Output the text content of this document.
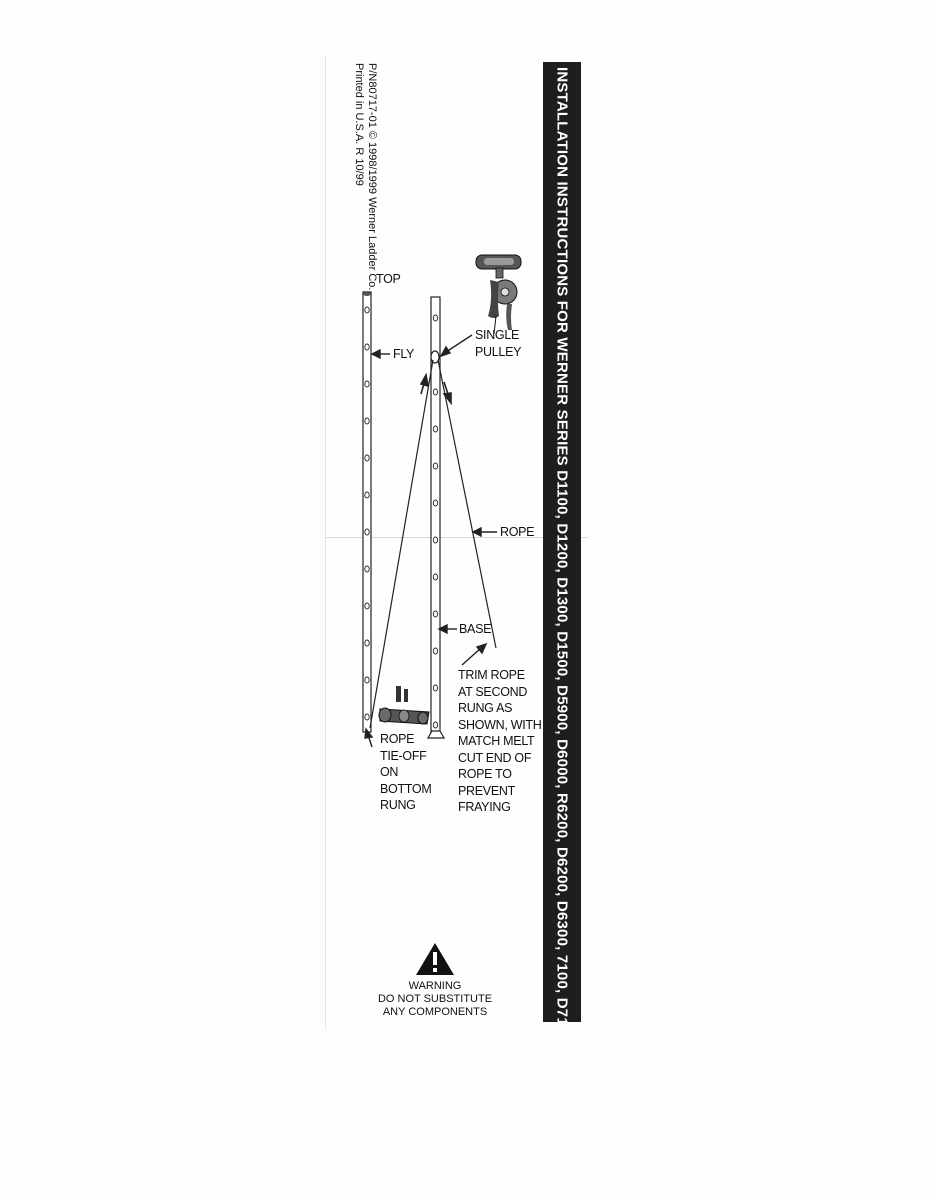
INSTALLATION INSTRUCTIONS FOR WERNER SERIES D1100, D1200, D1300, D1500, D5900, D6000, R6200, D6200, D6300, 7100, D7100 16' TO 40' LADDERS
P/N80717-01 © 1998/1999 Werner Ladder Co.
Printed in U.S.A. R 10/99
TOP
FLY
SINGLE
PULLEY
ROPE
BASE
TRIM ROPE
AT SECOND
RUNG AS
SHOWN, WITH
MATCH MELT
CUT END OF
ROPE TO
PREVENT
FRAYING
ROPE
TIE-OFF
ON
BOTTOM
RUNG
WARNING
DO NOT SUBSTITUTE
ANY COMPONENTS
